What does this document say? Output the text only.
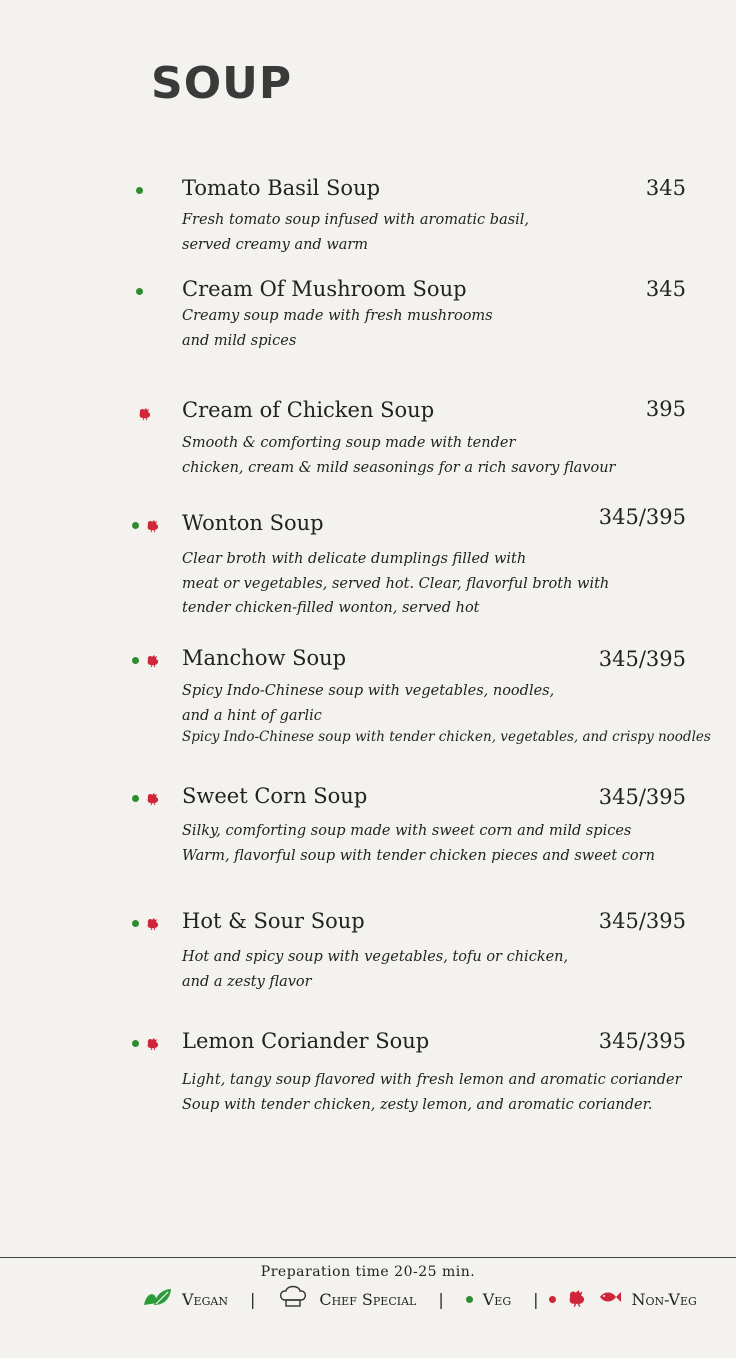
SOUP
Tomato Basil Soup	345
Fresh tomato soup infused with aromatic basil,
served creamy and warm
Cream Of Mushroom Soup	345
Creamy soup made with fresh mushrooms
and mild spices
Cream of Chicken Soup	395
Smooth & comforting soup made with tender
chicken, cream & mild seasonings for a rich savory flavour
Wonton Soup	345/395
Clear broth with delicate dumplings filled with
meat or vegetables, served hot. Clear, flavorful broth with
tender chicken-filled wonton, served hot
Manchow Soup	345/395
Spicy Indo-Chinese soup with vegetables, noodles,
and a hint of garlic
Spicy Indo-Chinese soup with tender chicken, vegetables, and crispy noodles
Sweet Corn Soup	345/395
Silky, comforting soup made with sweet corn and mild spices
Warm, flavorful soup with tender chicken pieces and sweet corn
Hot & Sour Soup	345/395
Hot and spicy soup with vegetables, tofu or chicken,
and a zesty flavor
Lemon Coriander Soup	345/395
Light, tangy soup flavored with fresh lemon and aromatic coriander
Soup with tender chicken, zesty lemon, and aromatic coriander.
Preparation time 20-25 min.
Vegan |	Chef Special | Veg |	Non-Veg
